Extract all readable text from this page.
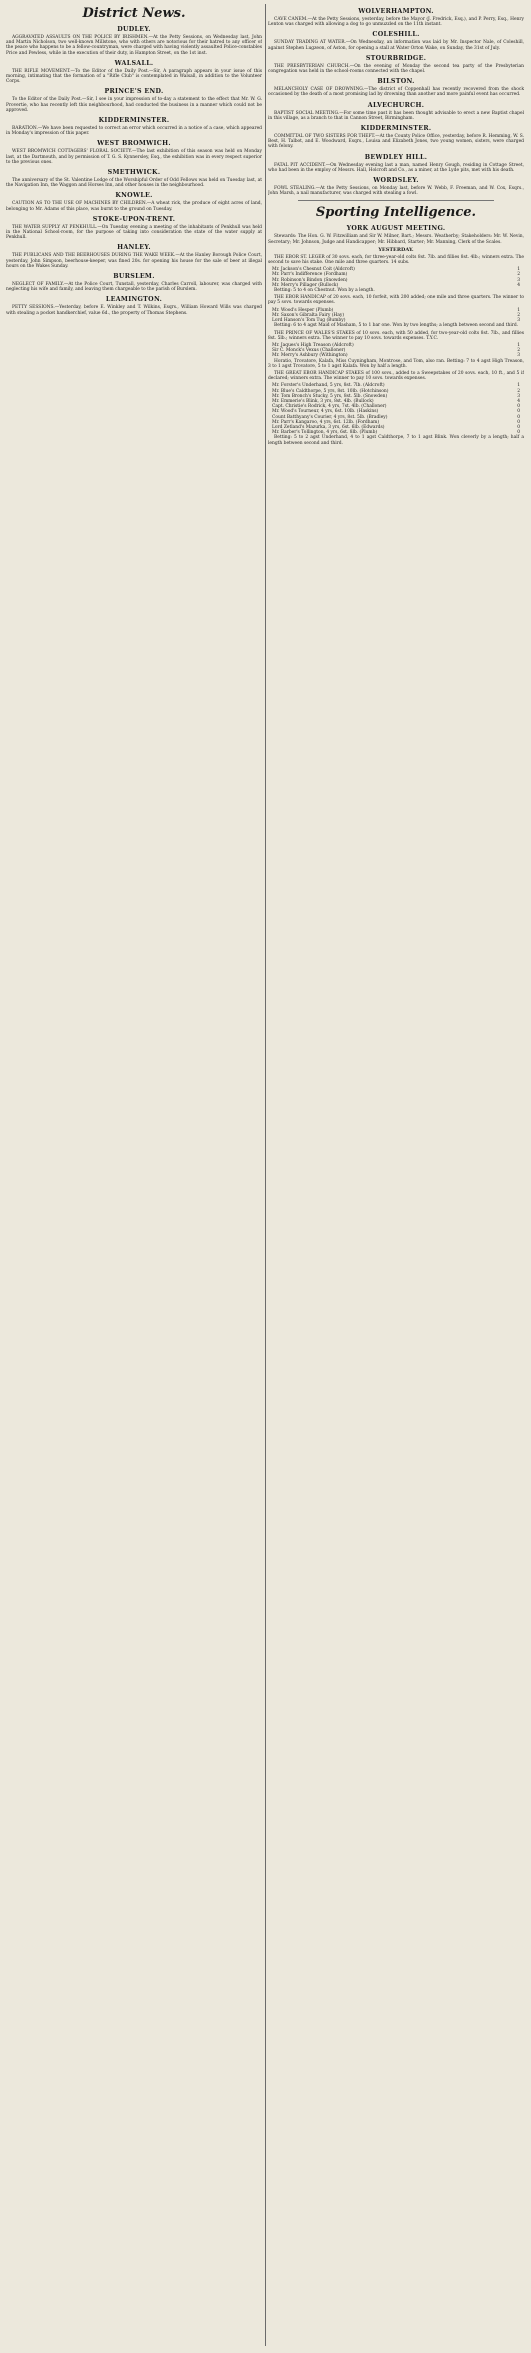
District News.
DUDLEY.
AGGRAVATED ASSAULTS ON THE POLICE BY IRISHMEN.—At the Petty Sessions, on Wednesday last, John and Martin Nicholson, two well-known Millstone, who with others are notorious for their hatred to any officer of the peace who happens to be a fellow-countryman, were charged with having violently assaulted Police-constables Price and Pewless, while in the execution of their duty, in Hampton Street, on the 1st inst.
WALSALL.
THE RIFLE MOVEMENT.—To the Editor of the Daily Post.—Sir, A paragraph appears in your issue of this morning, intimating that the formation of a "Rifle Club" is contemplated in Walsall, in addition to the Volunteer Corps.
PRINCE'S END.
To the Editor of the Daily Post.—Sir, I see in your impression of to-day a statement to the effect that Mr. W. G. Provertie, who has recently left this neighbourhood, had conducted the business in a manner which could not be approved.
KIDDERMINSTER.
BARATION.—We have been requested to correct an error which occurred in a notice of a case, which appeared in Monday's impression of this paper.
WEST BROMWICH.
WEST BROMWICH COTTAGERS' FLORAL SOCIETY.—The last exhibition of this season was held on Monday last, at the Dartmouth, and by permission of T. G. S. Kynnersley, Esq., the exhibition was in every respect superior to the previous ones.
SMETHWICK.
The anniversary of the St. Valentine Lodge of the Worshipful Order of Odd Fellows was held on Tuesday last, at the Navigation Inn, the Waggon and Horses Inn, and other houses in the neighbourhood.
KNOWLE.
CAUTION AS TO THE USE OF MACHINES BY CHILDREN.—A wheat rick, the produce of eight acres of land, belonging to Mr. Adams of this place, was burnt to the ground on Tuesday.
STOKE-UPON-TRENT.
THE WATER SUPPLY AT PENKHULL.—On Tuesday evening a meeting of the inhabitants of Penkhull was held in the National School-room, for the purpose of taking into consideration the state of the water supply at Penkhull.
HANLEY.
THE PUBLICANS AND THE BEERHOUSES DURING THE WAKE WEEK.—At the Hanley Borough Police Court, yesterday, John Simpson, beerhouse-keeper, was fined 20s. for opening his house for the sale of beer at illegal hours on the Wakes Sunday.
BURSLEM.
NEGLECT OF FAMILY.—At the Police Court, Tunstall, yesterday, Charles Carroll, labourer, was charged with neglecting his wife and family, and leaving them chargeable to the parish of Burslem.
LEAMINGTON.
PETTY SESSIONS.—Yesterday, before E. Winkley and T. Wilkins, Esqrs., William Howard Wills was charged with stealing a pocket handkerchief, value 6d., the property of Thomas Stephens.
WOLVERHAMPTON.
CAVE CANEM.—At the Petty Sessions, yesterday, before the Mayor (J. Fredrick, Esq.), and P. Perry, Esq., Henry Lenton was charged with allowing a dog to go unmuzzled on the 11th instant.
COLESHILL.
SUNDAY TRADING AT WATER.—On Wednesday, an information was laid by Mr. Inspector Nale, of Coleshill, against Stephen Lugzeon, of Aston, for opening a stall at Water Orton Wake, on Sunday, the 31st of July.
STOURBRIDGE.
THE PRESBYTERIAN CHURCH.—On the evening of Monday the second tea party of the Presbyterian congregation was held in the school-rooms connected with the chapel.
BILSTON.
MELANCHOLY CASE OF DROWNING.—The district of Coppenhall has recently recovered from the shock occasioned by the death of a most promising lad by drowning than another and more painful event has occurred.
ALVECHURCH.
BAPTIST SOCIAL MEETING.—For some time past it has been thought advisable to erect a new Baptist chapel in this village, as a branch to that in Cannon Street, Birmingham.
KIDDERMINSTER.
COMMITTAL OF TWO SISTERS FOR THEFT.—At the County Police Office, yesterday, before R. Hemming, W. S. Best, H. Talbot, and E. Woodward, Esqrs., Louisa and Elizabeth Jones, two young women, sisters, were charged with felony.
BEWDLEY HILL.
FATAL PIT ACCIDENT.—On Wednesday evening last a man, named Henry Gough, residing in Cottage Street, who had been in the employ of Messrs. Hall, Holcroft and Co., as a miner, at the Lyde pits, met with his death.
WORDSLEY.
FOWL STEALING.—At the Petty Sessions, on Monday last, before W. Webb, F. Freeman, and W. Cox, Esqrs., John Marsh, a nail manufacturer, was charged with stealing a fowl.
Sporting Intelligence.
YORK AUGUST MEETING.
Stewards: The Hon. G. W. Fitzwilliam and Sir W. Milner, Bart.; Messrs. Weatherby; Stakeholders: Mr. W. Nevin, Secretary; Mr. Johnson, Judge and Handicapper; Mr. Hibbard, Starter; Mr. Manning, Clerk of the Scales.
YESTERDAY.
THE EBOR ST. LEGER of 30 sovs. each, for three-year-old colts 8st. 7lb. and fillies 8st. 4lb.; winners extra. The second to save his stake. One mile and three quarters. 14 subs.
Mr. Jackson's Chesnut Coit (Aldcroft)	1
Mr. Parr's Indifference (Fordham)	2
Mr. Robinson's Bindon (Snowden)	3
Mr. Merry's Pillager (Bullock)	4
Betting: 5 to 4 on Chestnut. Won by a length.
THE EBOR HANDICAP of 20 sovs. each, 10 forfeit, with 200 added; one mile and three quarters. The winner to pay 5 sovs. towards expenses.
Mr. Wood's Hesper (Plumb)	1
Mr. Saxon's Gibralta Fairy (Hay)	2
Lord Hanson's Tom Tug (Bumby)	3
Betting: 6 to 4 agst Maid of Masham, 5 to 1 bar one. Won by two lengths; a length between second and third.
THE PRINCE OF WALES'S STAKES of 10 sovs. each, with 50 added, for two-year-old colts 8st. 7lb., and fillies 8st. 5lb.; winners extra. The winner to pay 10 sovs. towards expenses. T.Y.C.
Mr. Jaques's High Treason (Aldcroft)	1
Sir C. Monck's Vexus (Challoner)	2
Mr. Merry's Ashbury (Withington)	3
Horatio, Trovatore, Kalafa, Miss Cuyningham, Montrose, and Tom, also ran. Betting: 7 to 4 agst High Treason, 3 to 1 agst Trovatore, 5 to 1 agst Kalafa. Won by half a length.
THE GREAT EBOR HANDICAP STAKES of 100 sovs., added to a Sweepstakes of 20 sovs. each, 10 ft., and 5 if declared; winners extra. The winner to pay 10 sovs. towards expenses.
Mr. Forster's Underhand, 5 yrs, 8st. 7lb. (Aldcroft)	1
Mr. Blue's Caldthorpe, 5 yrs, 8st. 10lb. (Hotchinson)	2
Mr. Tom Bronch's Stucky, 5 yrs, 8st. 5lb. (Snowden)	3
Mr. Emmerie's Blink, 3 yrs, 8st. 4lb. (Bullock)	4
Capt. Christie's Rodrick, 4 yrs, 7st. 4lb. (Challoner)	0
Mr. Wood's Tourneur, 4 yrs, 6st. 10lb. (Haskins)	0
Count Batthyany's Courier, 4 yrs, 8st. 5lb. (Bradley)	0
Mr. Parr's Kangaroo, 4 yrs, 6st. 12lb. (Fordham)	0
Lord Zetland's Mazurka, 3 yrs, 6st. 6lb. (Edwards)	0
Mr. Barber's Tollington, 4 yrs, 6st. 8lb. (Plumb)	0
Betting: 5 to 2 agst Underhand, 4 to 1 agst Caldthorpe, 7 to 1 agst Blink. Won cleverly by a length; half a length between second and third.
